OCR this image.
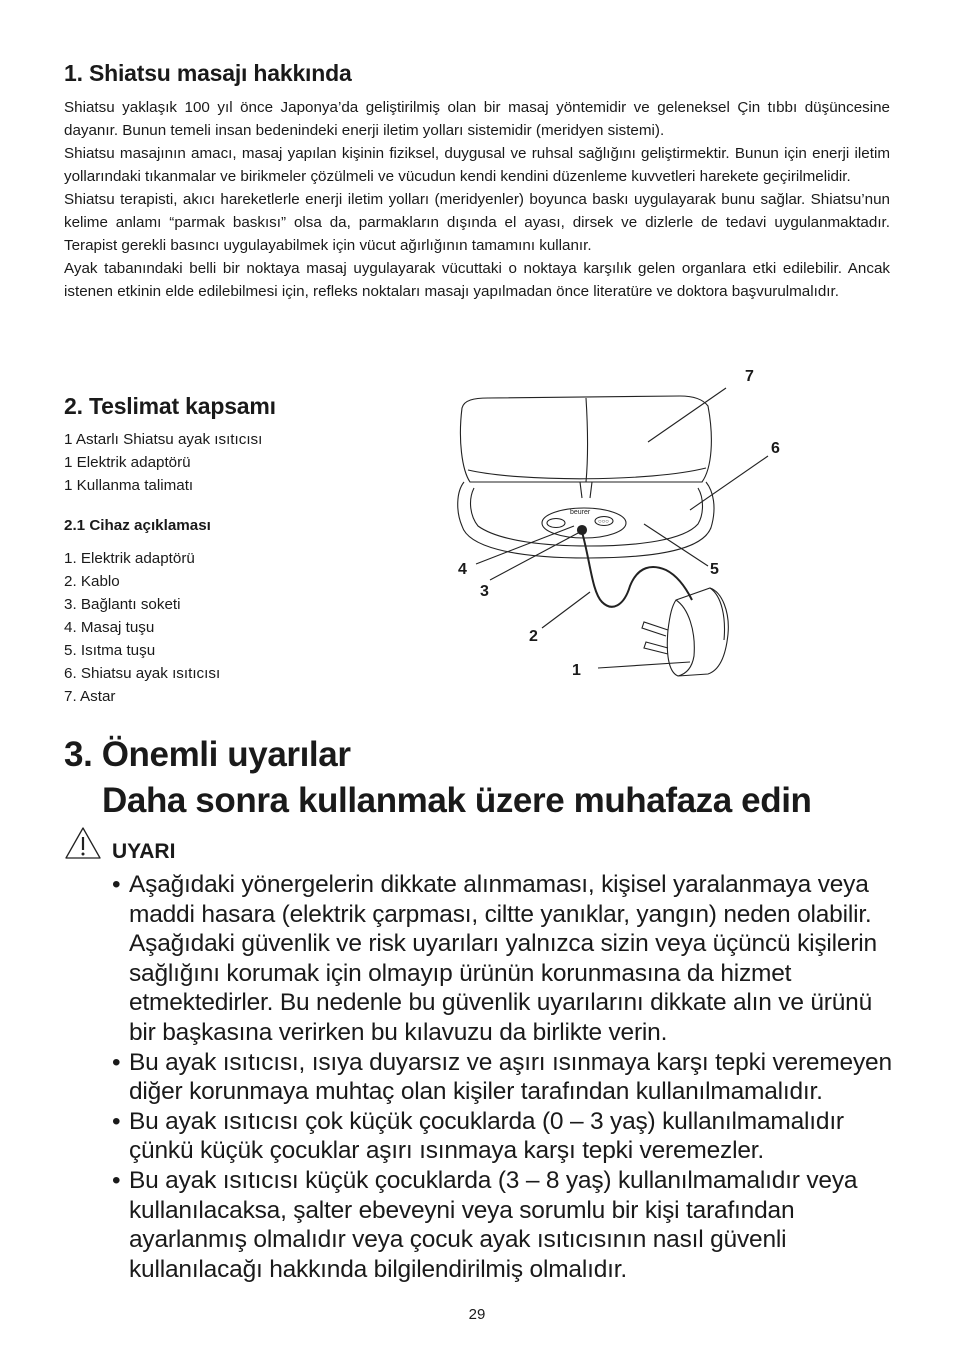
1. Shiatsu masajı hakkında

Shiatsu yaklaşık 100 yıl önce Japonya’da geliştirilmiş olan bir masaj yöntemidir ve geleneksel Çin tıbbı düşüncesine dayanır. Bunun temeli insan bedenindeki enerji iletim yolları sistemidir (meridyen sistemi).

Shiatsu masajının amacı, masaj yapılan kişinin fiziksel, duygusal ve ruhsal sağlığını geliştirmektir. Bunun için enerji iletim yollarındaki tıkanmalar ve birikmeler çözülmeli ve vücudun kendi kendini düzenleme kuvvetleri harekete geçirilmelidir.

Shiatsu terapisti, akıcı hareketlerle enerji iletim yolları (meridyenler) boyunca baskı uygulayarak bunu sağlar. Shiatsu’nun kelime anlamı “parmak baskısı” olsa da, parmakların dışında el ayası, dirsek ve dizlerle de tedavi uygulanmaktadır. Terapist gerekli basıncı uygulayabilmek için vücut ağırlığının tamamını kullanır.

Ayak tabanındaki belli bir noktaya masaj uygulayarak vücuttaki o noktaya karşılık gelen organlara etki edilebilir. Ancak istenen etkinin elde edilebilmesi için, refleks noktaları masajı yapılmadan önce literatüre ve doktora başvurulmalıdır.

2. Teslimat kapsamı
1 Astarlı Shiatsu ayak ısıtıcısı
1 Elektrik adaptörü
1 Kullanma talimatı
2.1 Cihaz açıklaması
1. Elektrik adaptörü
2. Kablo
3. Bağlantı soketi
4. Masaj tuşu
5. Isıtma tuşu
6. Shiatsu ayak ısıtıcısı
7. Astar
○○○
beurer
7
6
4	5
3
2
1
3. Önemli uyarılar
Daha sonra kullanmak üzere muhafaza edin
UYARI
• Aşağıdaki yönergelerin dikkate alınmaması, kişisel yaralanmaya veya maddi hasara (elektrik çarpması, ciltte yanıklar, yangın) neden olabilir. Aşağıdaki güvenlik ve risk uyarıları yalnızca sizin veya üçüncü kişilerin sağlığını korumak için olmayıp ürünün korunmasına da hizmet etmektedirler. Bu nedenle bu güvenlik uyarılarını dikkate alın ve ürünü bir başkasına verirken bu kılavuzu da birlikte verin.
• Bu ayak ısıtıcısı, ısıya duyarsız ve aşırı ısınmaya karşı tepki veremeyen diğer korunmaya muhtaç olan kişiler tarafından kullanılmamalıdır.
• Bu ayak ısıtıcısı çok küçük çocuklarda (0 – 3 yaş) kullanılmamalıdır çünkü küçük çocuklar aşırı ısınmaya karşı tepki veremezler.
• Bu ayak ısıtıcısı küçük çocuklarda (3 – 8 yaş) kullanılmamalıdır veya kullanılacaksa, şalter ebeveyni veya sorumlu bir kişi tarafından ayarlanmış olmalıdır veya çocuk ayak ısıtıcısının nasıl güvenli kullanılacağı hakkında bilgilendirilmiş olmalıdır.
29
